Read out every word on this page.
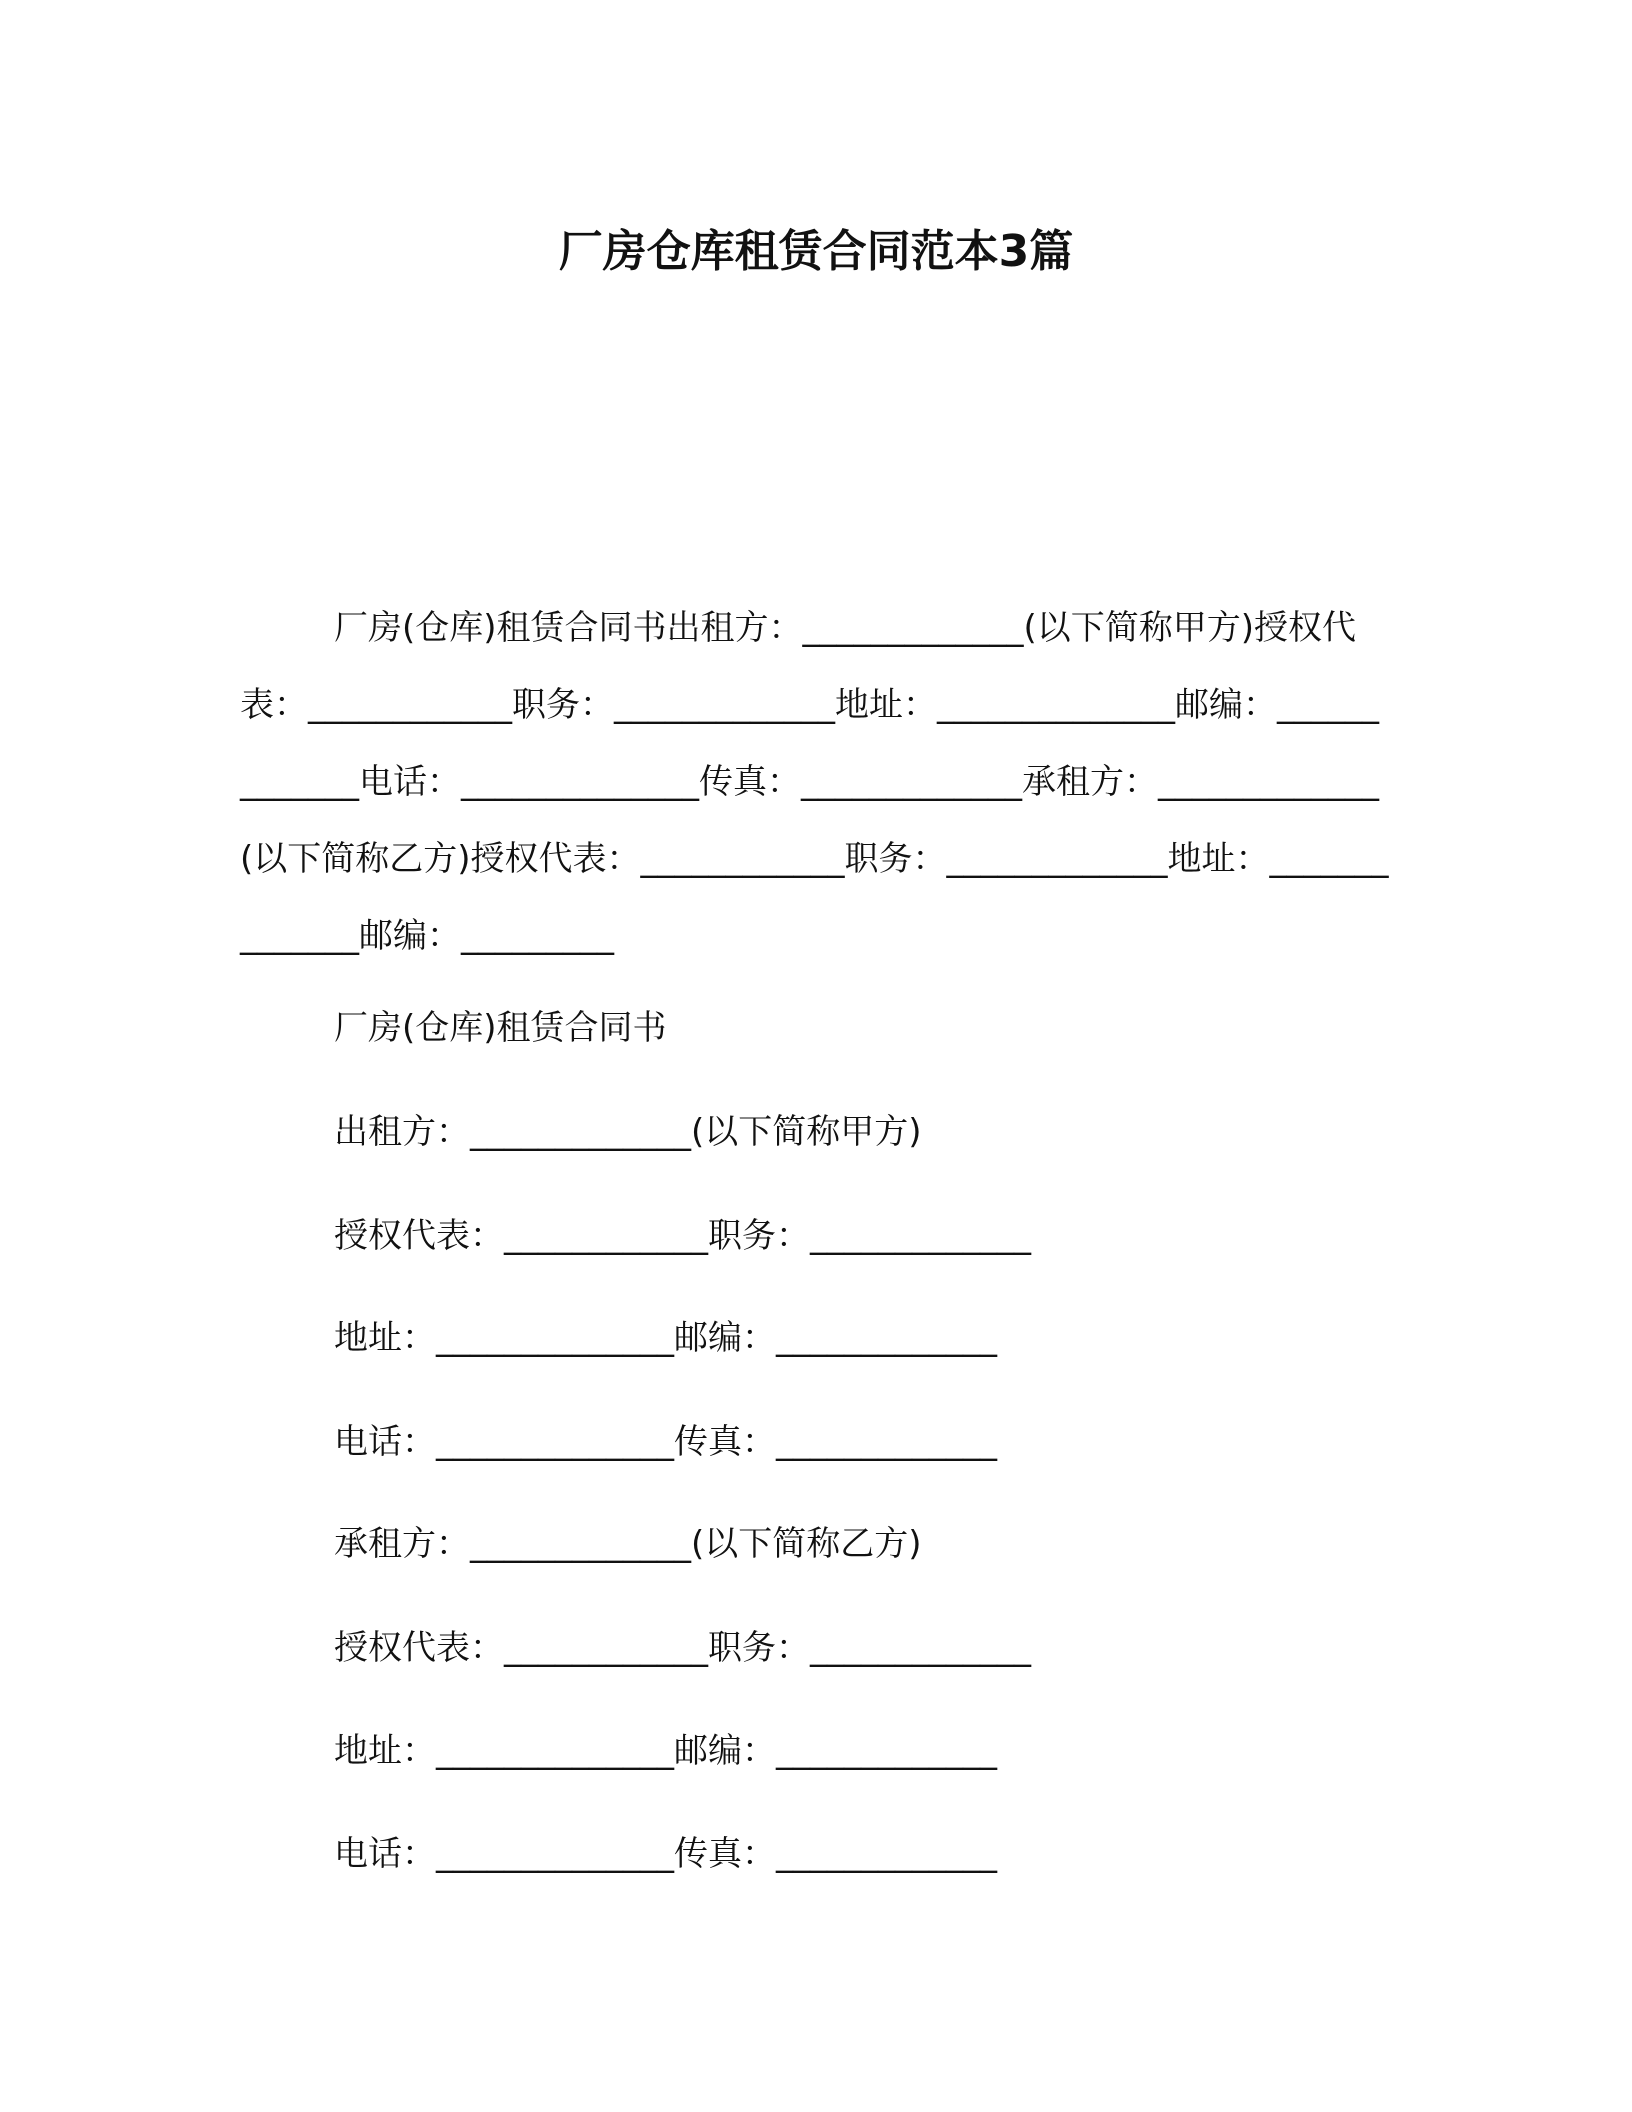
厂房仓库租赁合同范本3篇

厂房(仓库)租赁合同书出租方：_____________(以下简称甲方)授权代表：____________职务：_____________地址：______________邮编：_____________电话：______________传真：_____________承租方：_____________(以下简称乙方)授权代表：____________职务：_____________地址：______________邮编：_________

厂房(仓库)租赁合同书

出租方：_____________(以下简称甲方)

授权代表：____________职务：_____________

地址：______________邮编：_____________

电话：______________传真：_____________

承租方：_____________(以下简称乙方)

授权代表：____________职务：_____________

地址：______________邮编：_____________

电话：______________传真：_____________
